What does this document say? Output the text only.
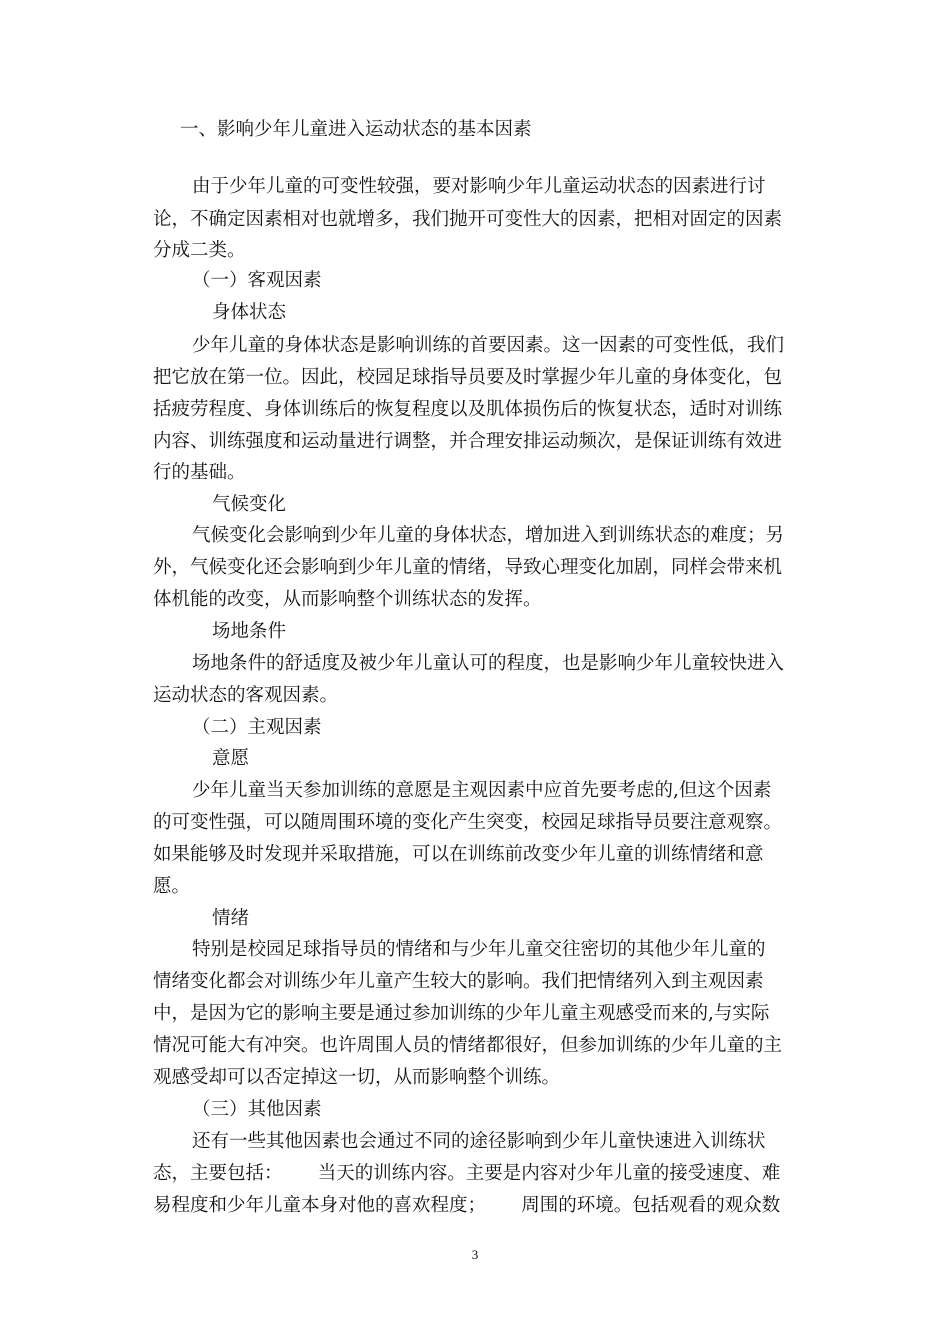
一、影响少年儿童进入运动状态的基本因素

由于少年儿童的可变性较强，要对影响少年儿童运动状态的因素进行讨

论，不确定因素相对也就增多，我们抛开可变性大的因素，把相对固定的因素

分成二类。

（一）客观因素

身体状态

少年儿童的身体状态是影响训练的首要因素。这一因素的可变性低，我们

把它放在第一位。因此，校园足球指导员要及时掌握少年儿童的身体变化，包

括疲劳程度、身体训练后的恢复程度以及肌体损伤后的恢复状态，适时对训练

内容、训练强度和运动量进行调整，并合理安排运动频次，是保证训练有效进

行的基础。

气候变化

气候变化会影响到少年儿童的身体状态，增加进入到训练状态的难度；另

外，气候变化还会影响到少年儿童的情绪，导致心理变化加剧，同样会带来机

体机能的改变，从而影响整个训练状态的发挥。

场地条件

场地条件的舒适度及被少年儿童认可的程度，也是影响少年儿童较快进入

运动状态的客观因素。

（二）主观因素

意愿

少年儿童当天参加训练的意愿是主观因素中应首先要考虑的,但这个因素

的可变性强，可以随周围环境的变化产生突变，校园足球指导员要注意观察。

如果能够及时发现并采取措施，可以在训练前改变少年儿童的训练情绪和意

愿。

情绪

特别是校园足球指导员的情绪和与少年儿童交往密切的其他少年儿童的

情绪变化都会对训练少年儿童产生较大的影响。我们把情绪列入到主观因素

中，是因为它的影响主要是通过参加训练的少年儿童主观感受而来的,与实际

情况可能大有冲突。也许周围人员的情绪都很好，但参加训练的少年儿童的主

观感受却可以否定掉这一切，从而影响整个训练。

（三）其他因素

还有一些其他因素也会通过不同的途径影响到少年儿童快速进入训练状

态，主要包括：      当天的训练内容。主要是内容对少年儿童的接受速度、难

易程度和少年儿童本身对他的喜欢程度；      周围的环境。包括观看的观众数

3
